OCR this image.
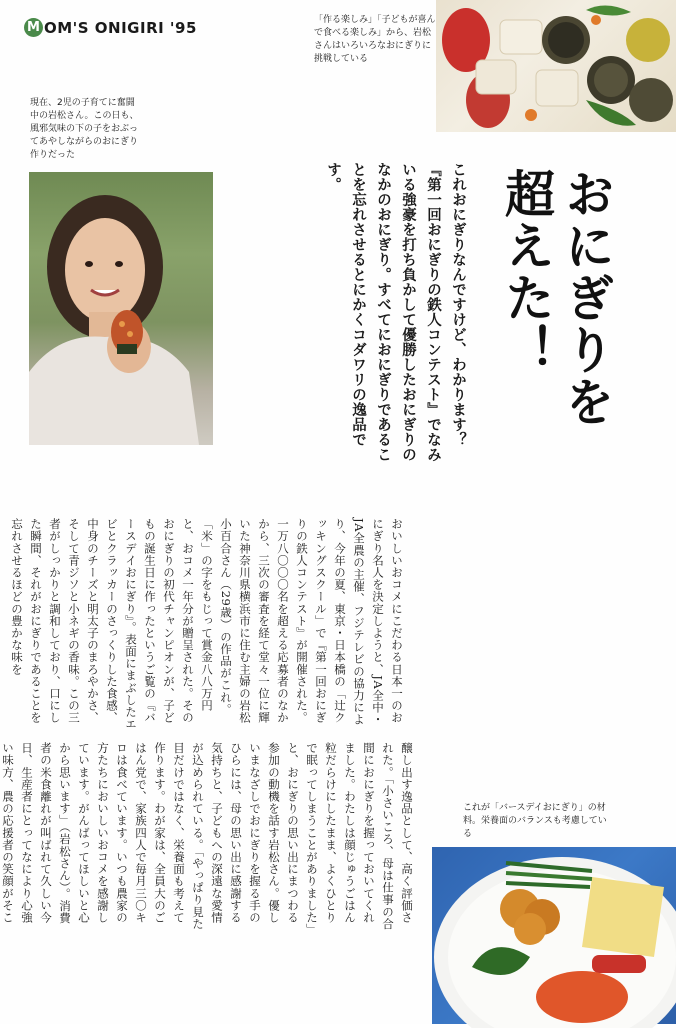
M OM'S ONIGIRI '95	「作る楽しみ」「子どもが喜んで食べる楽しみ」から、岩松さんはいろいろなおにぎりに挑戦している
現在、2児の子育てに奮闘中の岩松さん。この日も、風邪気味の下の子をおぶってあやしながらのおにぎり作りだった
おにぎりを超えた！
これおにぎりなんですけど、わかります？『第一回おにぎりの鉄人コンテスト』でなみいる強豪を打ち負かして優勝したおにぎりのなかのおにぎり。すべてにおにぎりであることを忘れさせるとにかくコダワリの逸品です。
おいしいおコメにこだわる日本一のおにぎり名人を決定しようと、JA全中・JA全農の主催、フジテレビの協力により、今年の夏、東京・日本橋の「辻クッキングスクール」で『第一回おにぎりの鉄人コンテスト』が開催された。一万八〇〇〇名を超える応募者のなかから、三次の審査を経て堂々一位に輝いた神奈川県横浜市に住む主婦の岩松小百合さん（29歳）の作品がこれ。「米」の字をもじって賞金八八万円と、おコメ一年分が贈呈された。そのおにぎりの初代チャンピオンが、子どもの誕生日に作ったというご覧の『バースデイおにぎり』。表面にまぶしたエビとクラッカーのさっくりした食感、中身のチーズと明太子のまろやかさ、そして青ジソと小ネギの香味。この三者がしっかりと調和しており、口にした瞬間、それがおにぎりであることを忘れさせるほどの豊かな味を
醸し出す逸品として、高く評価された。「小さいころ、母は仕事の合間におにぎりを握っておいてくれました。わたしは顔じゅうごはん粒だらけにしたまま、よくひとりで眠ってしまうことがありました」と、おにぎりの思い出にまつわる参加の動機を話す岩松さん。優しいまなざしでおにぎりを握る手のひらには、母の思い出に感謝する気持ちと、子どもへの深遠な愛情が込められている。「やっぱり見た目だけではなく、栄養面も考えて作ります。わが家は、全員大のごはん党で、家族四人で毎月三〇キロは食べています。いつも農家の方たちにおいしいおコメを感謝しています。がんばってほしいと心から思います」（岩松さん）。消費者の米食離れが叫ばれて久しい今日、生産者にとってなにより心強い味方、農の応援者の笑顔がそこ
これが「バースデイおにぎり」の材料。栄養面のバランスも考慮している
